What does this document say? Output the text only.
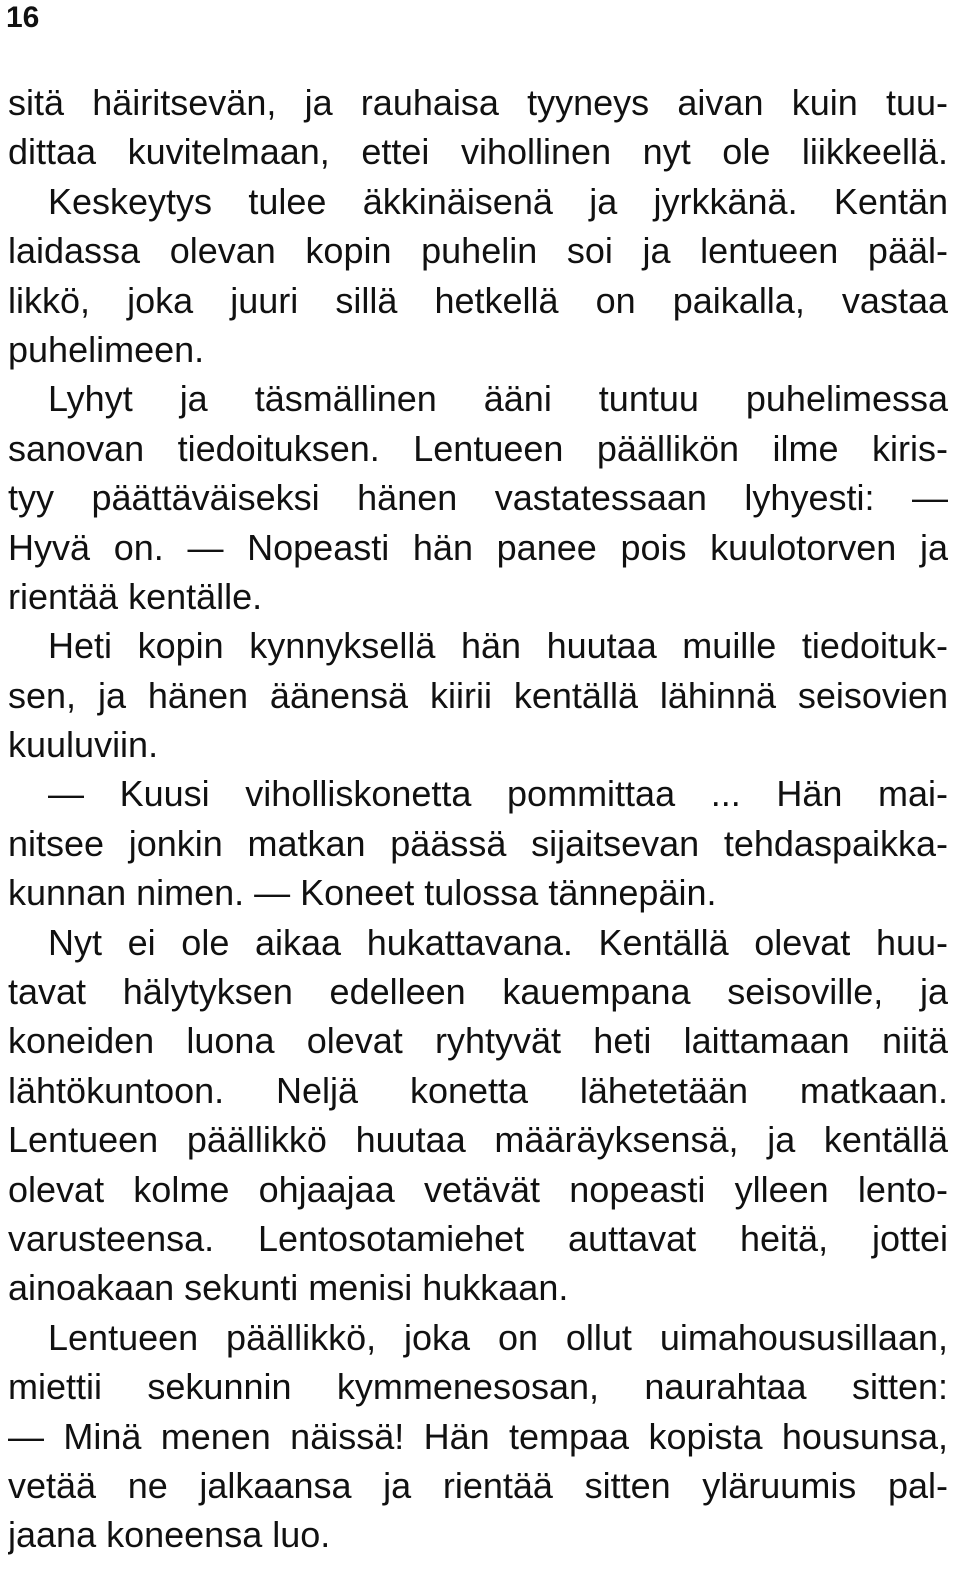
16
sitä häiritsevän, ja rauhaisa tyyneys aivan kuin tuu-
dittaa kuvitelmaan, ettei vihollinen nyt ole liikkeellä.
Keskeytys tulee äkkinäisenä ja jyrkkänä. Kentän
laidassa olevan kopin puhelin soi ja lentueen pääl-
likkö, joka juuri sillä hetkellä on paikalla, vastaa
puhelimeen.
Lyhyt ja täsmällinen ääni tuntuu puhelimessa
sanovan tiedoituksen. Lentueen päällikön ilme kiris-
tyy päättäväiseksi hänen vastatessaan lyhyesti: —
Hyvä on. — Nopeasti hän panee pois kuulotorven ja
rientää kentälle.
Heti kopin kynnyksellä hän huutaa muille tiedoituk-
sen, ja hänen äänensä kiirii kentällä lähinnä seisovien
kuuluviin.
— Kuusi viholliskonetta pommittaa ... Hän mai-
nitsee jonkin matkan päässä sijaitsevan tehdaspaikka-
kunnan nimen. — Koneet tulossa tännepäin.
Nyt ei ole aikaa hukattavana. Kentällä olevat huu-
tavat hälytyksen edelleen kauempana seisoville, ja
koneiden luona olevat ryhtyvät heti laittamaan niitä
lähtökuntoon. Neljä konetta lähetetään matkaan.
Lentueen päällikkö huutaa määräyksensä, ja kentällä
olevat kolme ohjaajaa vetävät nopeasti ylleen lento-
varusteensa. Lentosotamiehet auttavat heitä, jottei
ainoakaan sekunti menisi hukkaan.
Lentueen päällikkö, joka on ollut uimahoususillaan,
miettii sekunnin kymmenesosan, naurahtaa sitten:
— Minä menen näissä! Hän tempaa kopista housunsa,
vetää ne jalkaansa ja rientää sitten yläruumis pal-
jaana koneensa luo.
